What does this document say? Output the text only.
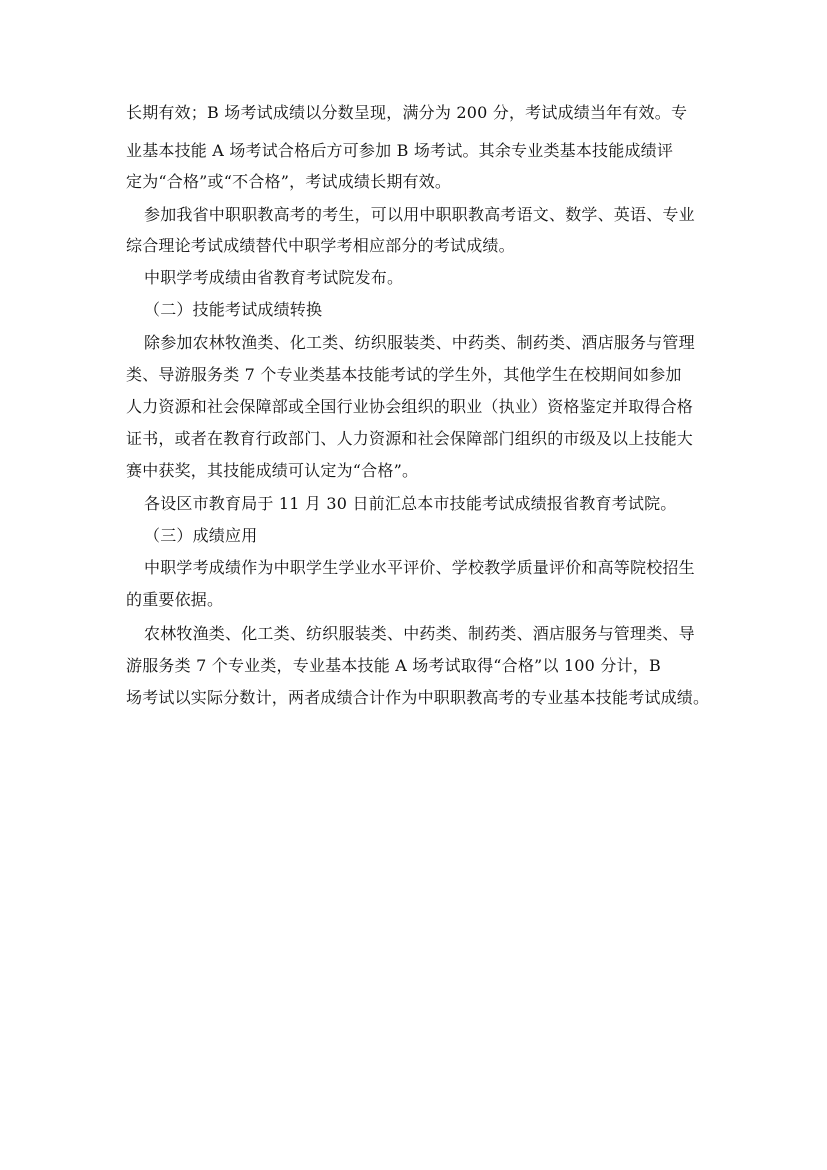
长期有效；B 场考试成绩以分数呈现，满分为 200 分，考试成绩当年有效。专
业基本技能 A 场考试合格后方可参加 B 场考试。其余专业类基本技能成绩评
定为“合格”或“不合格”，考试成绩长期有效。
参加我省中职职教高考的考生，可以用中职职教高考语文、数学、英语、专业
综合理论考试成绩替代中职学考相应部分的考试成绩。
中职学考成绩由省教育考试院发布。
（二）技能考试成绩转换
除参加农林牧渔类、化工类、纺织服装类、中药类、制药类、酒店服务与管理
类、导游服务类 7 个专业类基本技能考试的学生外，其他学生在校期间如参加
人力资源和社会保障部或全国行业协会组织的职业（执业）资格鉴定并取得合格
证书，或者在教育行政部门、人力资源和社会保障部门组织的市级及以上技能大
赛中获奖，其技能成绩可认定为“合格”。
各设区市教育局于 11 月 30 日前汇总本市技能考试成绩报省教育考试院。
（三）成绩应用
中职学考成绩作为中职学生学业水平评价、学校教学质量评价和高等院校招生
的重要依据。
农林牧渔类、化工类、纺织服装类、中药类、制药类、酒店服务与管理类、导
游服务类 7 个专业类，专业基本技能 A 场考试取得“合格”以 100 分计，B
场考试以实际分数计，两者成绩合计作为中职职教高考的专业基本技能考试成绩。
